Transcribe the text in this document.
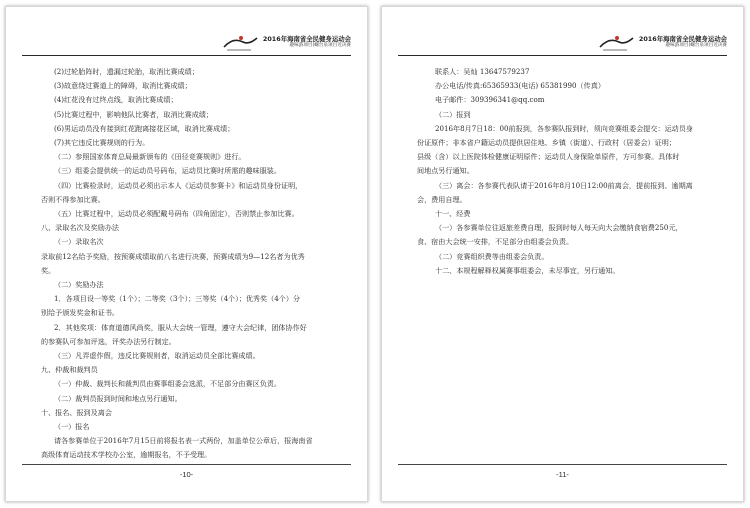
2016年海南省全民健身运动会
趣味游项目(螺台泉项目近决赛
(2)过轮胎阵时，遗漏过轮胎，取消比赛成绩；
(3)故意绕过赛道上的障碍，取消比赛成绩；
(4)红花没有过终点线，取消比赛成绩；
(5)比赛过程中，影响他队比赛者，取消比赛成绩；
(6)男运动员没有接到红花跑离接花区域，取消比赛成绩；
(7)其它违反比赛规则的行为。
（二）参照国家体育总局最新颁布的《田径竞赛规则》进行。
（三）组委会提供统一的运动员号码布，运动员比赛时所需的趣味服装。
（四）比赛检录时，运动员必须出示本人《运动员参赛卡》和运动员身份证明，
否则不得参加比赛。
（五）比赛过程中，运动员必须配戴号码布（四角固定），否则禁止参加比赛。
八、录取名次及奖励办法
（一）录取名次
录取前12名给予奖励，按预赛成绩取前八名进行决赛，预赛成绩为9—12名者为优秀
奖。
（二）奖励办法
1．各项目设一等奖（1个）；二等奖（3个）；三等奖（4个）；优秀奖（4个）分
别给予颁发奖金和证书。
2．其他奖项：体育道德风尚奖，服从大会统一管理，遵守大会纪律，团体协作好
的参赛队可参加评选，评奖办法另行制定。
（三）凡弄虚作假，违反比赛规则者，取消运动员全部比赛成绩。
九、仲裁和裁判员
（一）仲裁、裁判长和裁判员由赛事组委会选派，不足部分由赛区负责。
（二）裁判员报到时间和地点另行通知。
十、报名、报到及离会
（一）报名
请各参赛单位于2016年7月15日前将报名表一式两份，加盖单位公章后，报海南省
高级体育运动技术学校办公室，逾期报名，不予受理。
-10-
2016年海南省全民健身运动会
趣味游项目(螺台泉项目近决赛
联系人：吴灿 13647579237
办公电话/传真:65365933(电话) 65381990（传真）
电子邮件：309396341@qq.com
（二）报到
2016年8月7日18：00前报到，各参赛队报到时，须向竞赛组委会提交：运动员身
份证原件；非本省户籍运动员提供居住地、乡镇（街道）、行政村（居委会）证明；
县级（含）以上医院体检健康证明原件；运动员人身保险单原件，方可参赛。具体时
间地点另行通知。
（三）离会：各参赛代表队请于2016年8月10日12:00前离会，提前报到、逾期离
会，费用自理。
十一、经费
（一）各参赛单位往返旅差费自理，报到时每人每天向大会缴纳食宿费250元，
食、宿由大会统一安排，不足部分由组委会负责。
（二）竞赛组织费等由组委会负责。
十二、本规程解释权属赛事组委会，未尽事宜，另行通知。
-11-
